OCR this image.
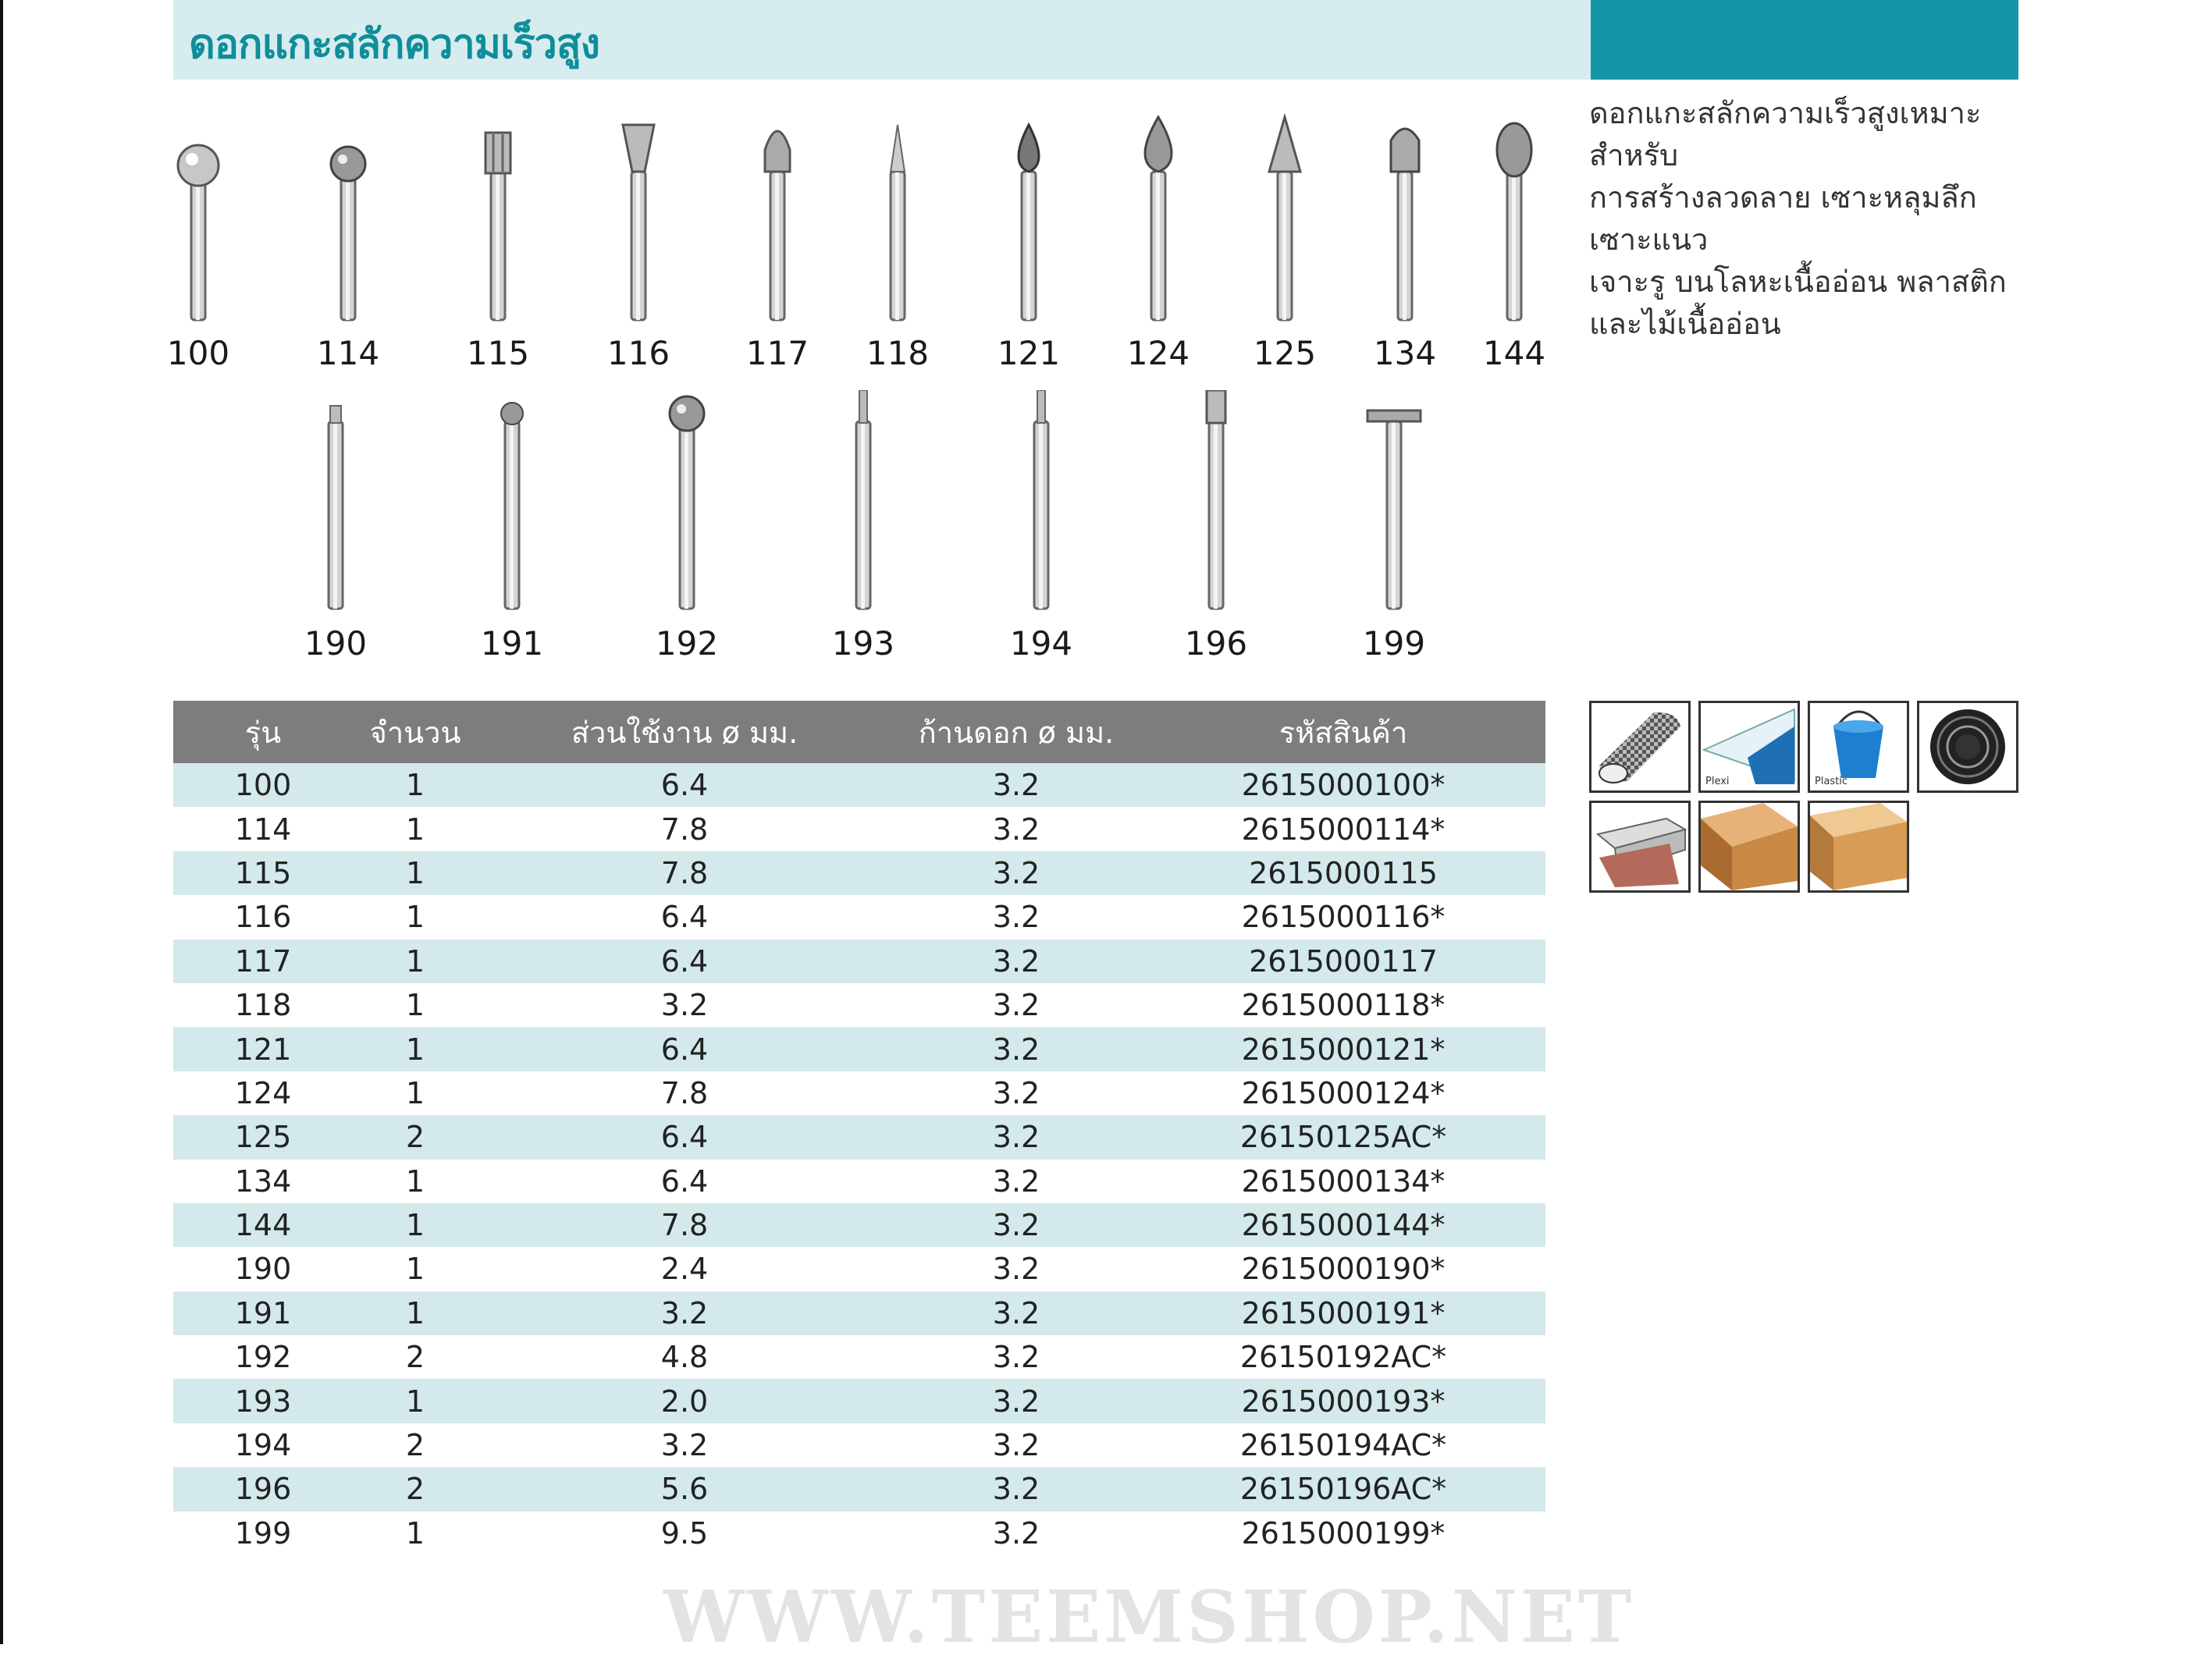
ดอกแกะสลักความเร็วสูง
ดอกแกะสลักความเร็วสูงเหมาะสำหรับ
การสร้างลวดลาย เซาะหลุมลึก เซาะแนว
เจาะรู บนโลหะเนื้ออ่อน พลาสติก
และไม้เนื้ออ่อน
100	114	115	116	117	118	121	124	125	134	144
190	191	192	193	194	196	199
รุ่น	จำนวน	ส่วนใช้งาน ø มม.	ก้านดอก ø มม.	รหัสสินค้า
100	1	6.4	3.2	2615000100*
114	1	7.8	3.2	2615000114*
115	1	7.8	3.2	2615000115
116	1	6.4	3.2	2615000116*
117	1	6.4	3.2	2615000117
118	1	3.2	3.2	2615000118*
121	1	6.4	3.2	2615000121*
124	1	7.8	3.2	2615000124*
125	2	6.4	3.2	26150125AC*
134	1	6.4	3.2	2615000134*
144	1	7.8	3.2	2615000144*
190	1	2.4	3.2	2615000190*
191	1	3.2	3.2	2615000191*
192	2	4.8	3.2	26150192AC*
193	1	2.0	3.2	2615000193*
194	2	3.2	3.2	26150194AC*
196	2	5.6	3.2	26150196AC*
199	1	9.5	3.2	2615000199*
Plexi	Plastic
WWW.TEEMSHOP.NET
